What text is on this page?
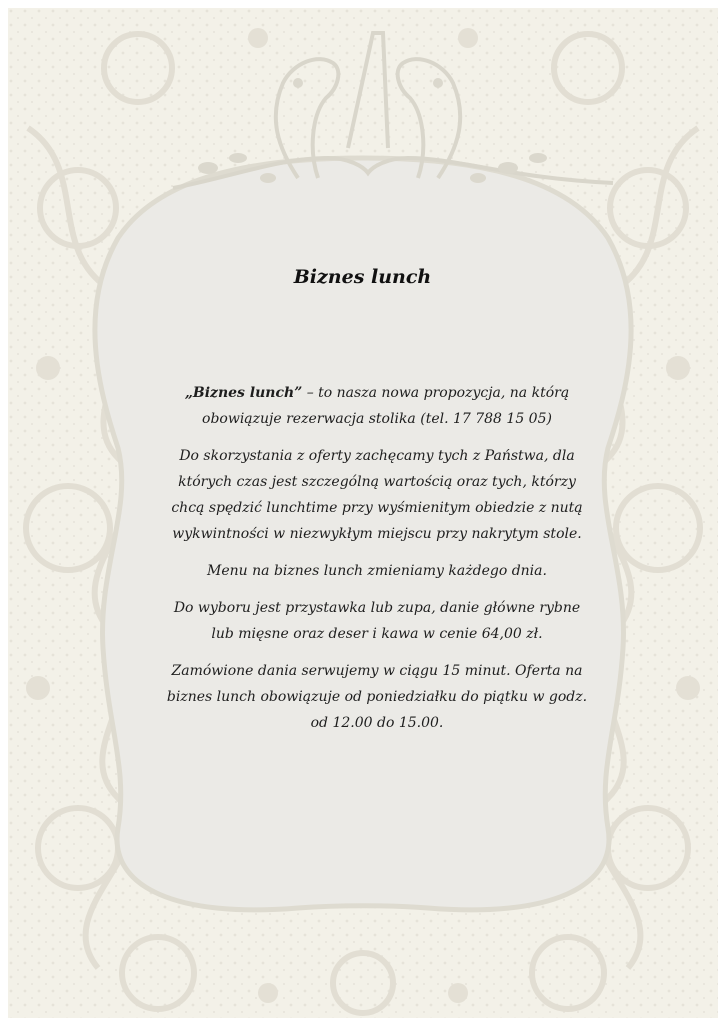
Biznes lunch

„Biznes lunch” – to nasza nowa propozycja, na którą obowiązuje rezerwacja stolika (tel. 17 788 15 05)

Do skorzystania z oferty zachęcamy tych z Państwa, dla których czas jest szczególną wartością oraz tych, którzy chcą spędzić lunchtime przy wyśmienitym obiedzie z nutą wykwintności w niezwykłym miejscu przy nakrytym stole.

Menu na biznes lunch zmieniamy każdego dnia.

Do wyboru jest przystawka lub zupa, danie główne rybne lub mięsne oraz deser i kawa w cenie 64,00 zł.

Zamówione dania serwujemy w ciągu 15 minut. Oferta na biznes lunch obowiązuje od poniedziałku do piątku w godz. od 12.00 do 15.00.
